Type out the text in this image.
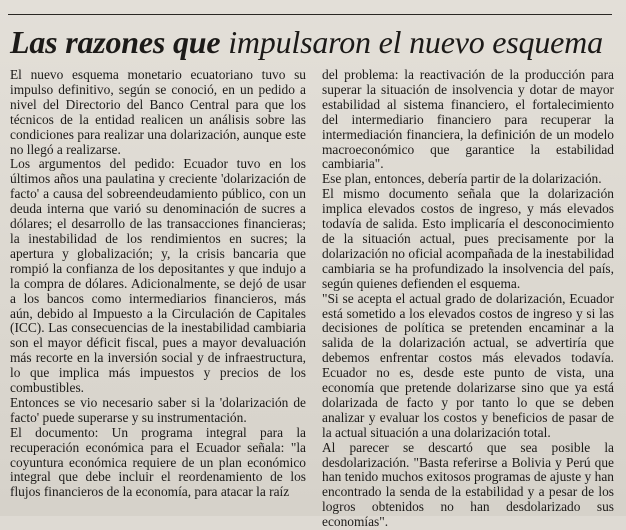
Las razones que impulsaron el nuevo esquema

El nuevo esquema monetario ecuatoriano tuvo su impulso definitivo, según se conoció, en un pedido a nivel del Directorio del Banco Central para que los técnicos de la entidad realicen un análisis sobre las condiciones para realizar una dolarización, aunque este no llegó a realizarse.

Los argumentos del pedido: Ecuador tuvo en los últimos años una paulatina y creciente 'dolarización de facto' a causa del sobreendeudamiento público, con un deuda interna que varió su denominación de sucres a dólares; el desarrollo de las transacciones financieras; la inestabilidad de los rendimientos en sucres; la apertura y globalización; y, la crisis bancaria que rompió la confianza de los depositantes y que indujo a la compra de dólares. Adicionalmente, se dejó de usar a los bancos como intermediarios financieros, más aún, debido al Impuesto a la Circulación de Capitales (ICC). Las consecuencias de la inestabilidad cambiaria son el mayor déficit fiscal, pues a mayor devaluación más recorte en la inversión social y de infraestructura, lo que implica más impuestos y precios de los combustibles.

Entonces se vio necesario saber si la 'dolarización de facto' puede superarse y su instrumentación.

El documento: Un programa integral para la recuperación económica para el Ecuador señala: "la coyuntura económica requiere de un plan económico integral que debe incluir el reordenamiento de los flujos financieros de la economía, para atacar la raíz

del problema: la reactivación de la producción para superar la situación de insolvencia y dotar de mayor estabilidad al sistema financiero, el fortalecimiento del intermediario financiero para recuperar la intermediación financiera, la definición de un modelo macroeconómico que garantice la estabilidad cambiaria".

Ese plan, entonces, debería partir de la dolarización.

El mismo documento señala que la dolarización implica elevados costos de ingreso, y más elevados todavía de salida. Esto implicaría el desconocimiento de la situación actual, pues precisamente por la dolarización no oficial acompañada de la inestabilidad cambiaria se ha profundizado la insolvencia del país, según quienes defienden el esquema.

"Si se acepta el actual grado de dolarización, Ecuador está sometido a los elevados costos de ingreso y si las decisiones de política se pretenden encaminar a la salida de la dolarización actual, se advertiría que debemos enfrentar costos más elevados todavía. Ecuador no es, desde este punto de vista, una economía que pretende dolarizarse sino que ya está dolarizada de facto y por tanto lo que se deben analizar y evaluar los costos y beneficios de pasar de la actual situación a una dolarización total.

Al parecer se descartó que sea posible la desdolarización. "Basta referirse a Bolivia y Perú que han tenido muchos exitosos programas de ajuste y han encontrado la senda de la estabilidad y a pesar de los logros obtenidos no han desdolarizado sus economías".
